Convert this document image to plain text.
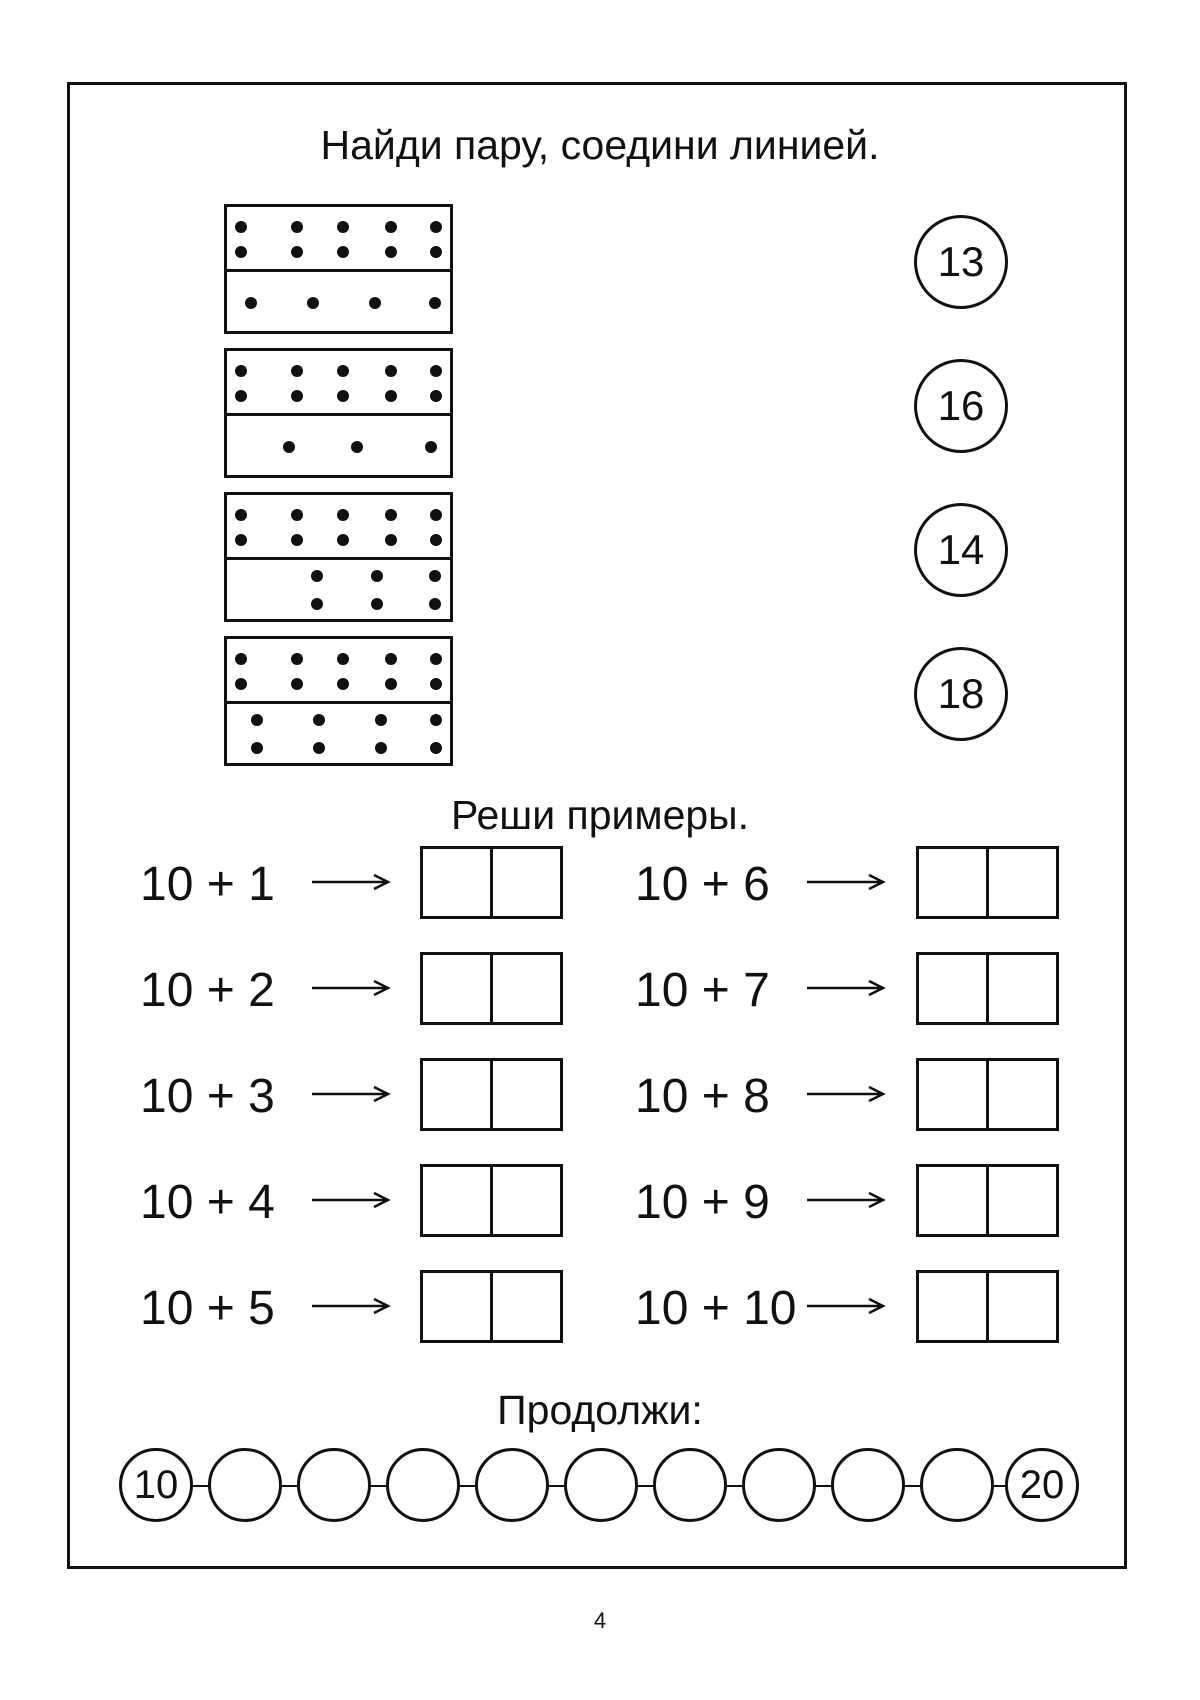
Найди пару, соедини линией.
13
16
14
18
Реши примеры.
10 + 1
10 + 2
10 + 3
10 + 4
10 + 5
10 + 6
10 + 7
10 + 8
10 + 9
10 + 10
Продолжи:
10	20
4
